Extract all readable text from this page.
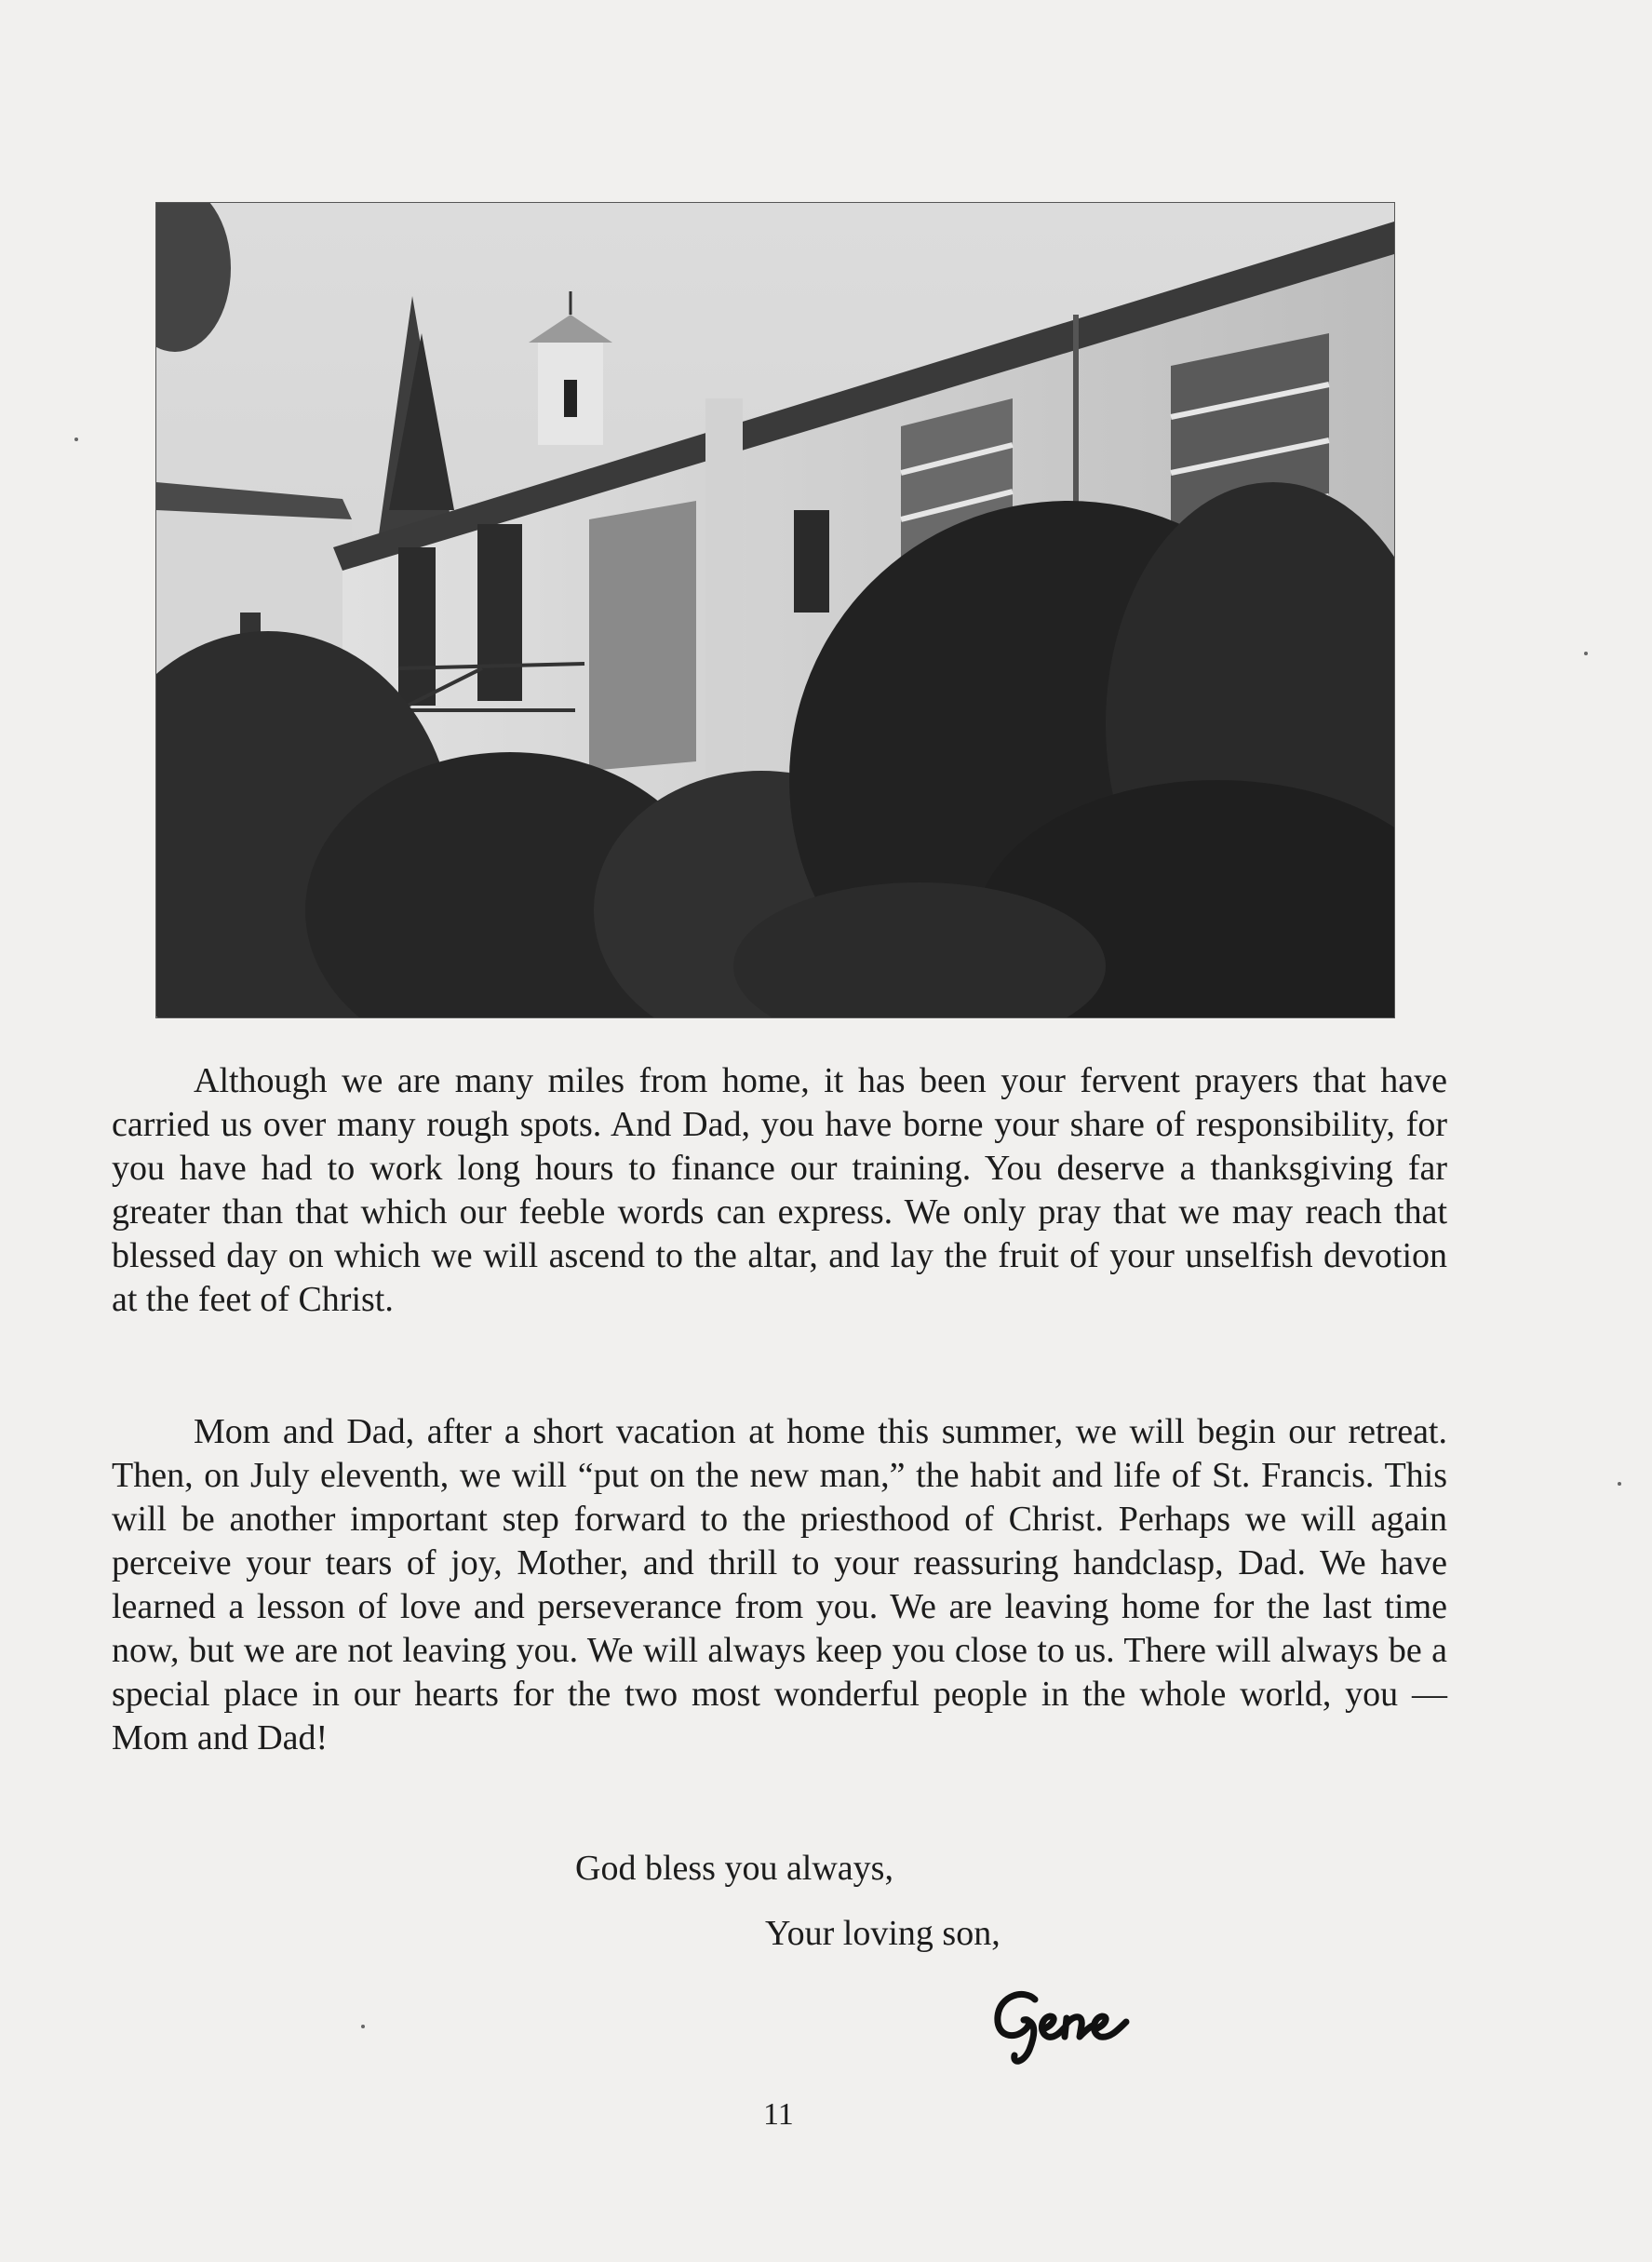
Although we are many miles from home, it has been your fervent prayers that have carried us over many rough spots. And Dad, you have borne your share of responsibility, for you have had to work long hours to finance our training. You deserve a thanksgiving far greater than that which our feeble words can express. We only pray that we may reach that blessed day on which we will ascend to the altar, and lay the fruit of your unselfish devotion at the feet of Christ.

Mom and Dad, after a short vacation at home this summer, we will begin our retreat. Then, on July eleventh, we will “put on the new man,” the habit and life of St. Francis. This will be another important step forward to the priesthood of Christ. Perhaps we will again perceive your tears of joy, Mother, and thrill to your reassuring handclasp, Dad. We have learned a lesson of love and perseverance from you. We are leaving home for the last time now, but we are not leaving you. We will always keep you close to us. There will always be a special place in our hearts for the two most wonderful people in the whole world, you — Mom and Dad!

God bless you always,
Your loving son,
11
